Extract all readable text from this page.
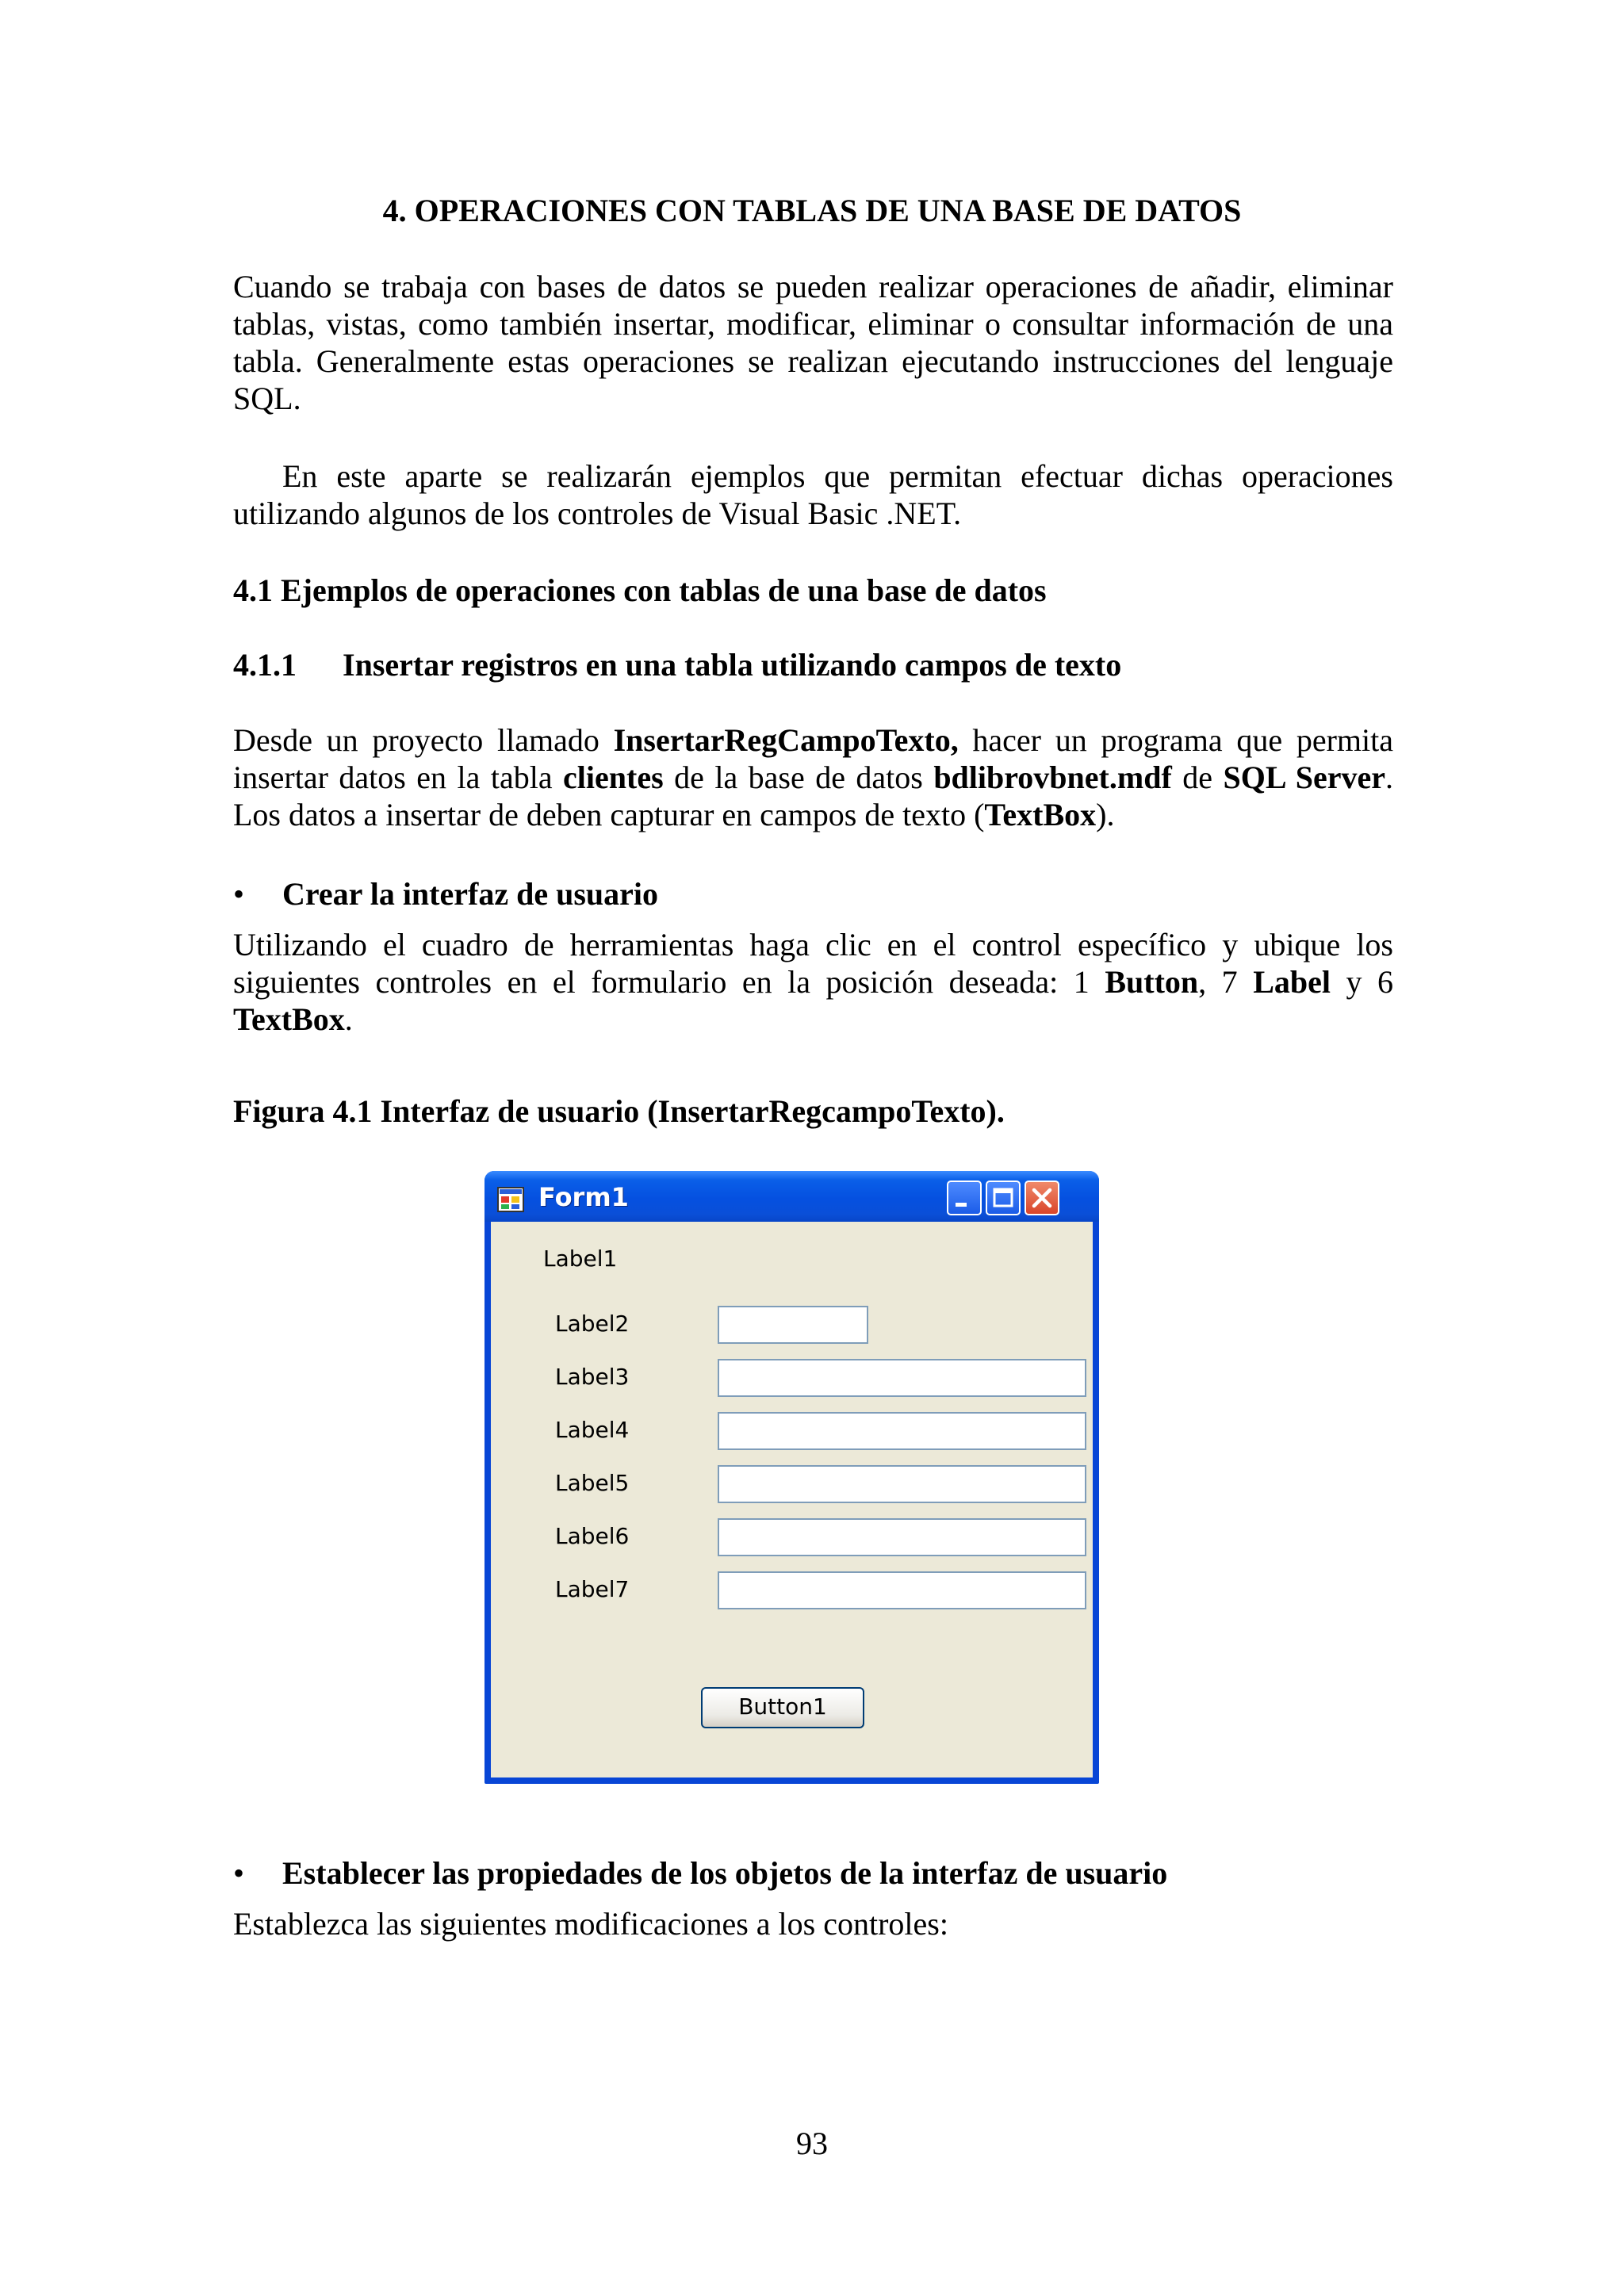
4. OPERACIONES CON TABLAS DE UNA BASE DE DATOS

Cuando se trabaja con bases de datos se pueden realizar operaciones de añadir, eliminar tablas, vistas, como también insertar, modificar, eliminar o consultar información de una tabla. Generalmente estas operaciones se realizan ejecutando instrucciones del lenguaje SQL.

En este aparte se realizarán ejemplos que permitan efectuar dichas operaciones utilizando algunos de los controles de Visual Basic .NET.

4.1 Ejemplos de operaciones con tablas de una base de datos
4.1.1 Insertar registros en una tabla utilizando campos de texto

Desde un proyecto llamado InsertarRegCampoTexto, hacer un programa que permita insertar datos en la tabla clientes de la base de datos bdlibrovbnet.mdf de SQL Server. Los datos a insertar de deben capturar en campos de texto (TextBox).

• Crear la interfaz de usuario

Utilizando el cuadro de herramientas haga clic en el control específico y ubique los siguientes controles en el formulario en la posición deseada: 1 Button, 7 Label y 6 TextBox.

Figura 4.1 Interfaz de usuario (InsertarRegcampoTexto).
Form1
Label1
Label2
Label3
Label4
Label5
Label6
Label7
Button1
• Establecer las propiedades de los objetos de la interfaz de usuario

Establezca las siguientes modificaciones a los controles:

93
